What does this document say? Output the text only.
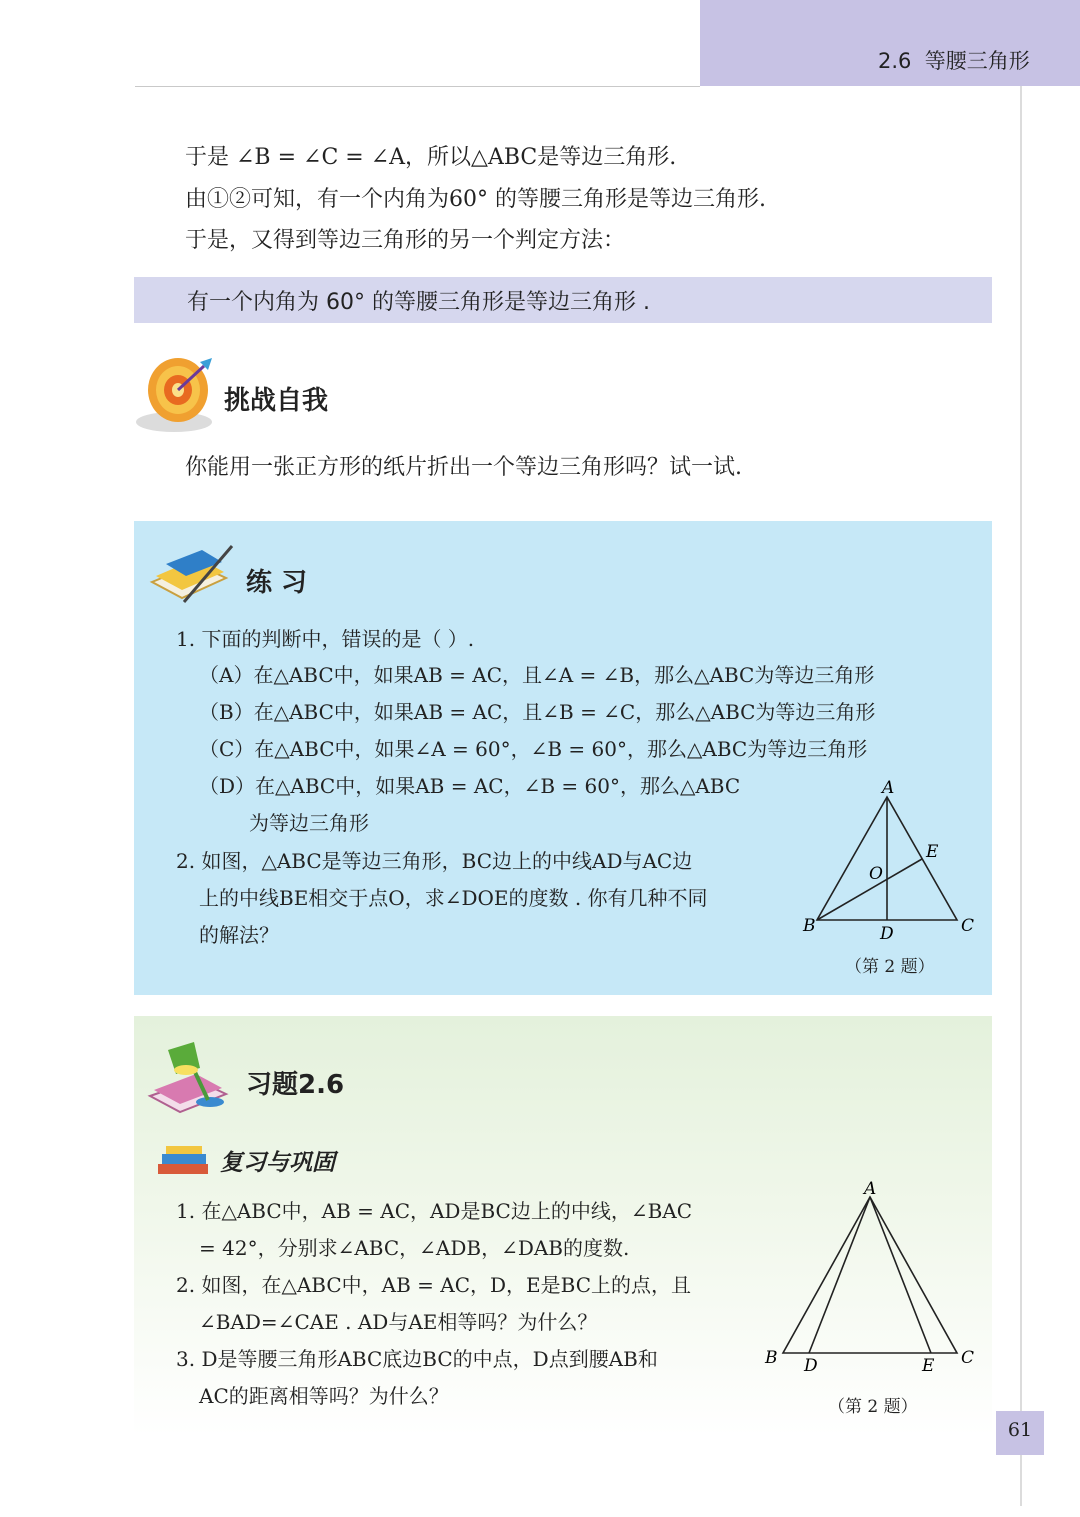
2.6  等腰三角形
于是 ∠B = ∠C = ∠A，所以△ABC是等边三角形.
由①②可知，有一个内角为60° 的等腰三角形是等边三角形.
于是，又得到等边三角形的另一个判定方法：
有一个内角为 60° 的等腰三角形是等边三角形 .
挑战自我
你能用一张正方形的纸片折出一个等边三角形吗？试一试.
练 习
1. 下面的判断中，错误的是（ ）.
（A）在△ABC中，如果AB = AC，且∠A = ∠B，那么△ABC为等边三角形
（B）在△ABC中，如果AB = AC，且∠B = ∠C，那么△ABC为等边三角形
（C）在△ABC中，如果∠A = 60°，∠B = 60°，那么△ABC为等边三角形
（D）在△ABC中，如果AB = AC，∠B = 60°，那么△ABC
为等边三角形
2. 如图，△ABC是等边三角形，BC边上的中线AD与AC边
上的中线BE相交于点O，求∠DOE的度数 . 你有几种不同
的解法？
A
B	C
D
E
O
（第 2 题）
习题2.6
复习与巩固
1. 在△ABC中，AB = AC，AD是BC边上的中线，∠BAC
= 42°，分别求∠ABC，∠ADB，∠DAB的度数.
2. 如图，在△ABC中，AB = AC，D，E是BC上的点，且
∠BAD=∠CAE . AD与AE相等吗？为什么？
3. D是等腰三角形ABC底边BC的中点，D点到腰AB和
AC的距离相等吗？为什么？
A
B	C
D	E
（第 2 题）
61
